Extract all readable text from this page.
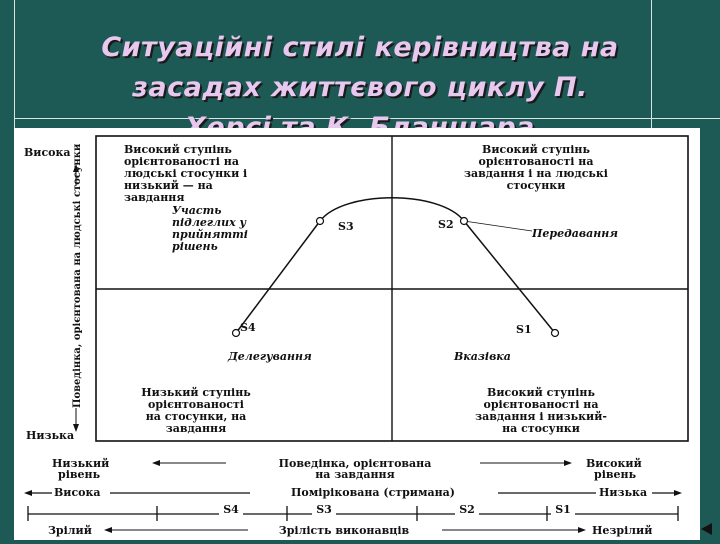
Ситуаційні стилі керівництва на
засадах життєвого циклу П.
Висока
Низька
Поведінка, орієнтована на людські стосунки	Високий ступінь
орієнтованості на
людські стосунки і
низький — на
завдання
Високий ступінь
орієнтованості на
завдання і на людські
стосунки
Низький ступінь
орієнтованості
на стосунки, на
завдання
Високий ступінь
орієнтованості на
завдання і низький-
на стосунки
S3	S2
S4	S1
Участь
підлеглих у
прийнятті
рішень
Делегування
Передавання
Вказівка
Низький
рівень
Поведінка, орієнтована
на завдання
Високий
рівень
Висока	Помірікована (стримана)	Низька
S4	S3	S2	S1
Зрілий	Зрілість виконавців	Незрілий
